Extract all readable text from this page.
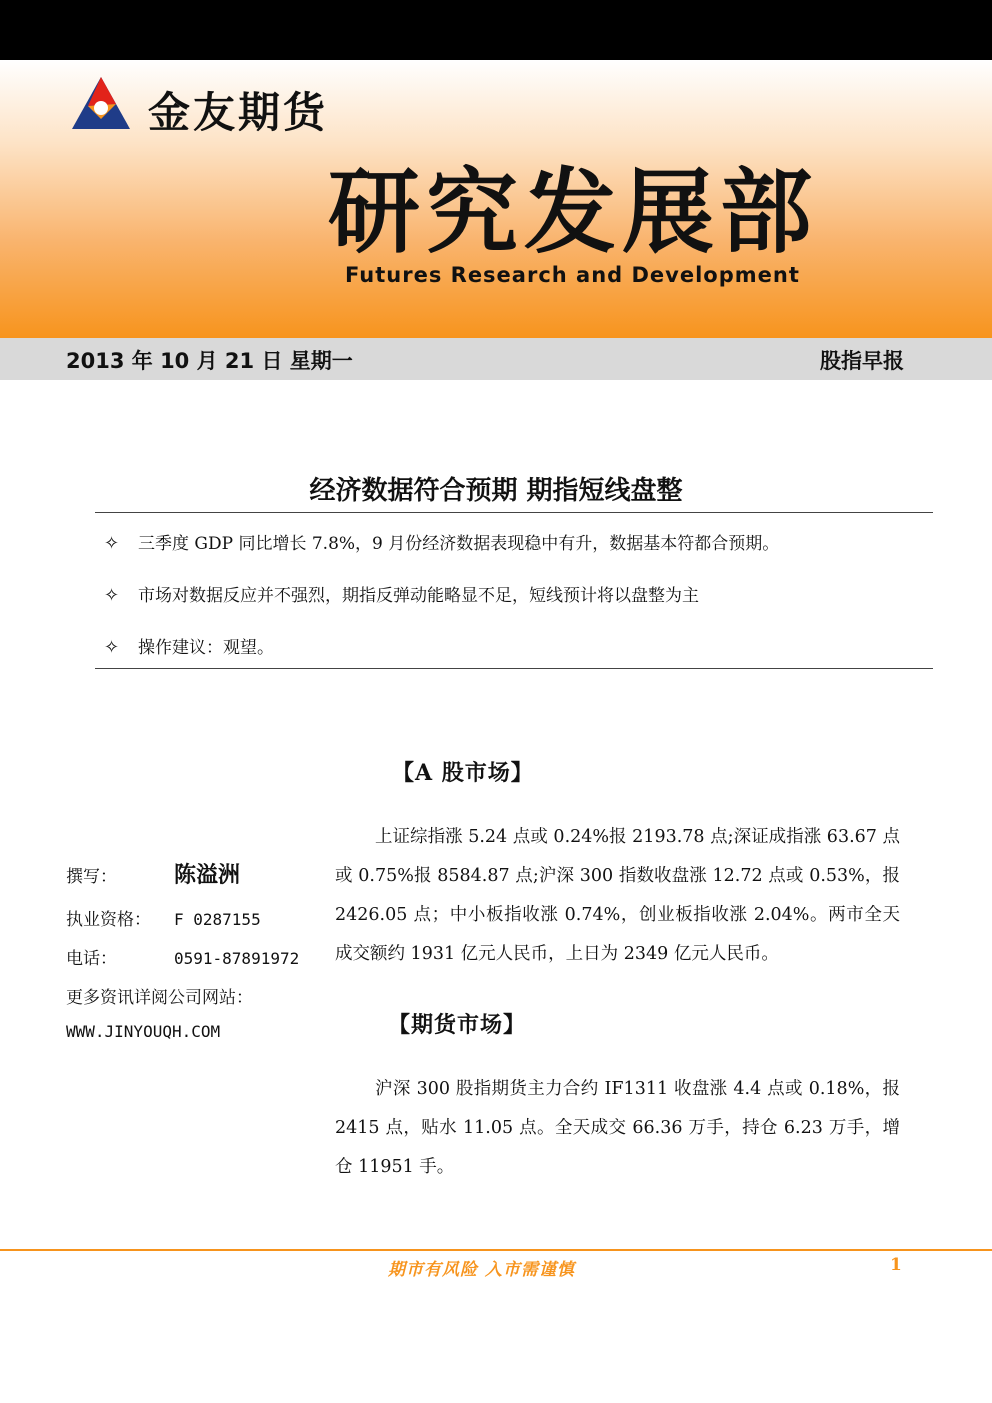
金友期货
研究发展部
Futures Research and Development
2013 年 10 月 21 日 星期一	股指早报
经济数据符合预期 期指短线盘整
✧ 三季度 GDP 同比增长 7.8%，9 月份经济数据表现稳中有升，数据基本符都合预期。
✧ 市场对数据反应并不强烈，期指反弹动能略显不足，短线预计将以盘整为主
✧ 操作建议：观望。
【A 股市场】
上证综指涨 5.24 点或 0.24%报 2193.78 点;深证成指涨 63.67 点或 0.75%报 8584.87 点;沪深 300 指数收盘涨 12.72 点或 0.53%，报 2426.05 点；中小板指收涨 0.74%，创业板指收涨 2.04%。两市全天成交额约 1931 亿元人民币，上日为 2349 亿元人民币。
【期货市场】
沪深 300 股指期货主力合约 IF1311 收盘涨 4.4 点或 0.18%，报 2415 点，贴水 11.05 点。全天成交 66.36 万手，持仓 6.23 万手，增仓 11951 手。
撰写：	陈溢洲
执业资格： F 0287155
电话：	0591-87891972
更多资讯详阅公司网站：
WWW.JINYOUQH.COM
期市有风险 入市需谨慎	1
